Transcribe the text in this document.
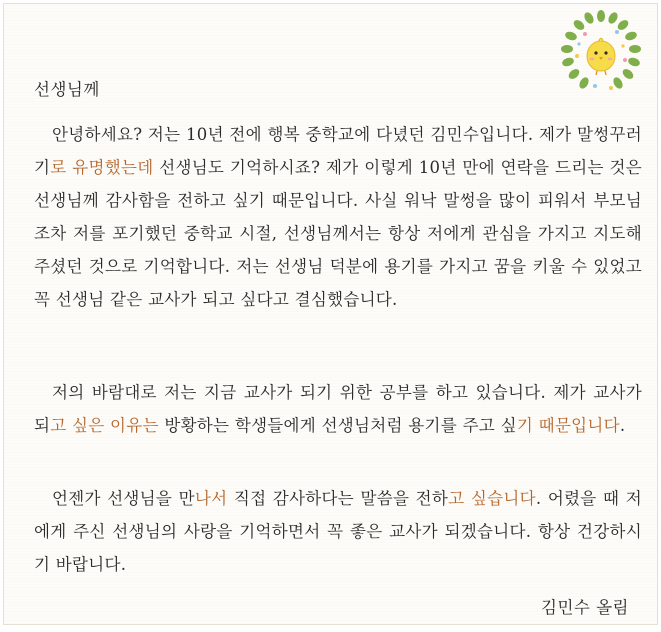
선생님께

안녕하세요? 저는 10년 전에 행복 중학교에 다녔던 김민수입니다. 제가 말썽꾸러기로 유명했는데 선생님도 기억하시죠? 제가 이렇게 10년 만에 연락을 드리는 것은 선생님께 감사함을 전하고 싶기 때문입니다. 사실 워낙 말썽을 많이 피워서 부모님조차 저를 포기했던 중학교 시절, 선생님께서는 항상 저에게 관심을 가지고 지도해 주셨던 것으로 기억합니다. 저는 선생님 덕분에 용기를 가지고 꿈을 키울 수 있었고 꼭 선생님 같은 교사가 되고 싶다고 결심했습니다.

저의 바람대로 저는 지금 교사가 되기 위한 공부를 하고 있습니다. 제가 교사가 되고 싶은 이유는 방황하는 학생들에게 선생님처럼 용기를 주고 싶기 때문입니다.

언젠가 선생님을 만나서 직접 감사하다는 말씀을 전하고 싶습니다. 어렸을 때 저에게 주신 선생님의 사랑을 기억하면서 꼭 좋은 교사가 되겠습니다. 항상 건강하시기 바랍니다.

김민수 올림
